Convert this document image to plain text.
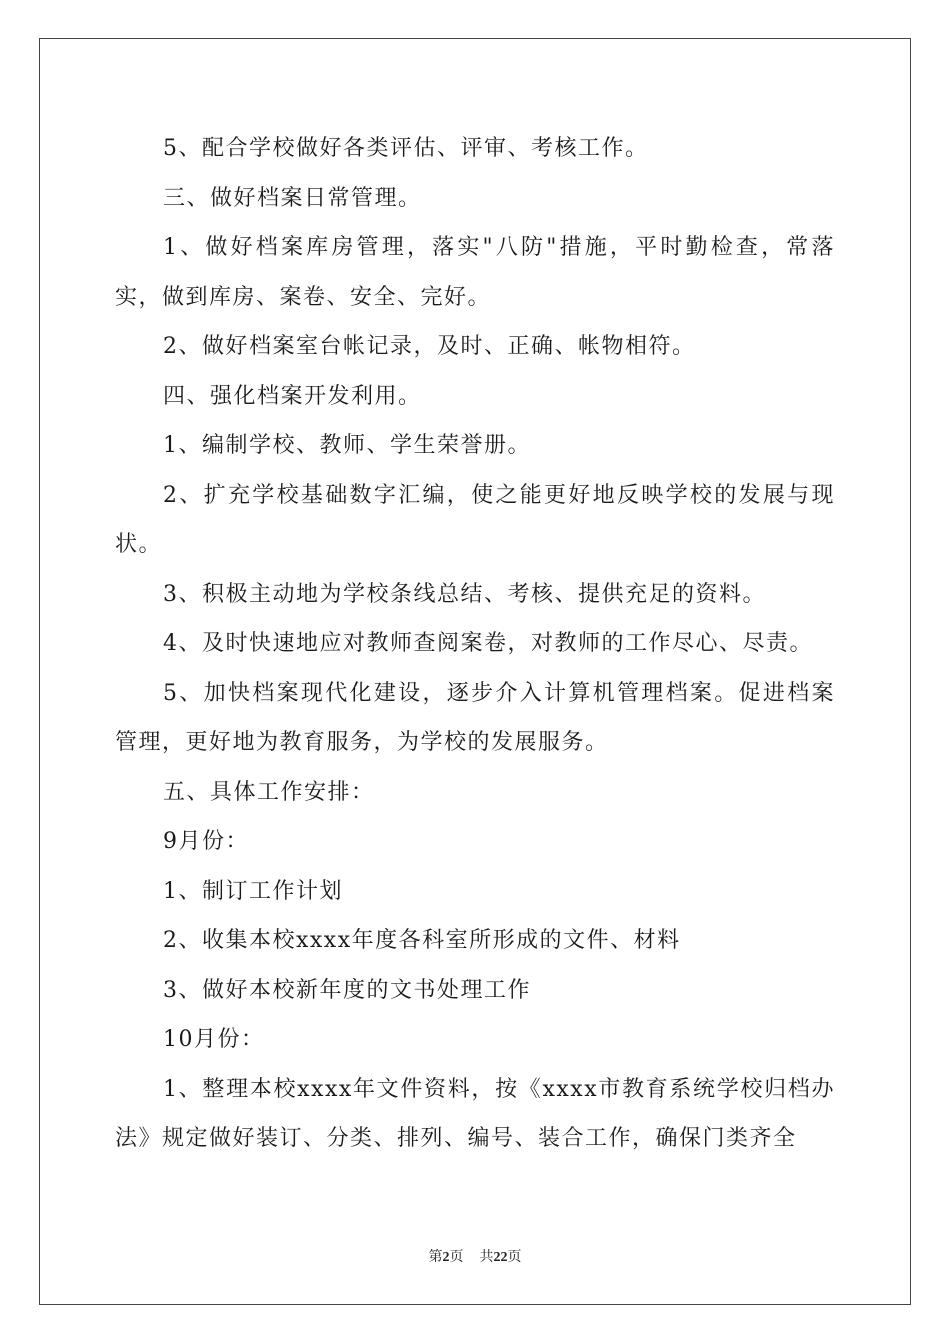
5、配合学校做好各类评估、评审、考核工作。

三、做好档案日常管理。

1、做好档案库房管理，落实"八防"措施，平时勤检查，常落实，做到库房、案卷、安全、完好。

2、做好档案室台帐记录，及时、正确、帐物相符。

四、强化档案开发利用。

1、编制学校、教师、学生荣誉册。

2、扩充学校基础数字汇编，使之能更好地反映学校的发展与现状。

3、积极主动地为学校条线总结、考核、提供充足的资料。

4、及时快速地应对教师查阅案卷，对教师的工作尽心、尽责。

5、加快档案现代化建设，逐步介入计算机管理档案。促进档案管理，更好地为教育服务，为学校的发展服务。

五、具体工作安排：

9月份：

1、制订工作计划

2、收集本校xxxx年度各科室所形成的文件、材料

3、做好本校新年度的文书处理工作

10月份：

1、整理本校xxxx年文件资料，按《xxxx市教育系统学校归档办法》规定做好装订、分类、排列、编号、装合工作，确保门类齐全

第2页 共22页
